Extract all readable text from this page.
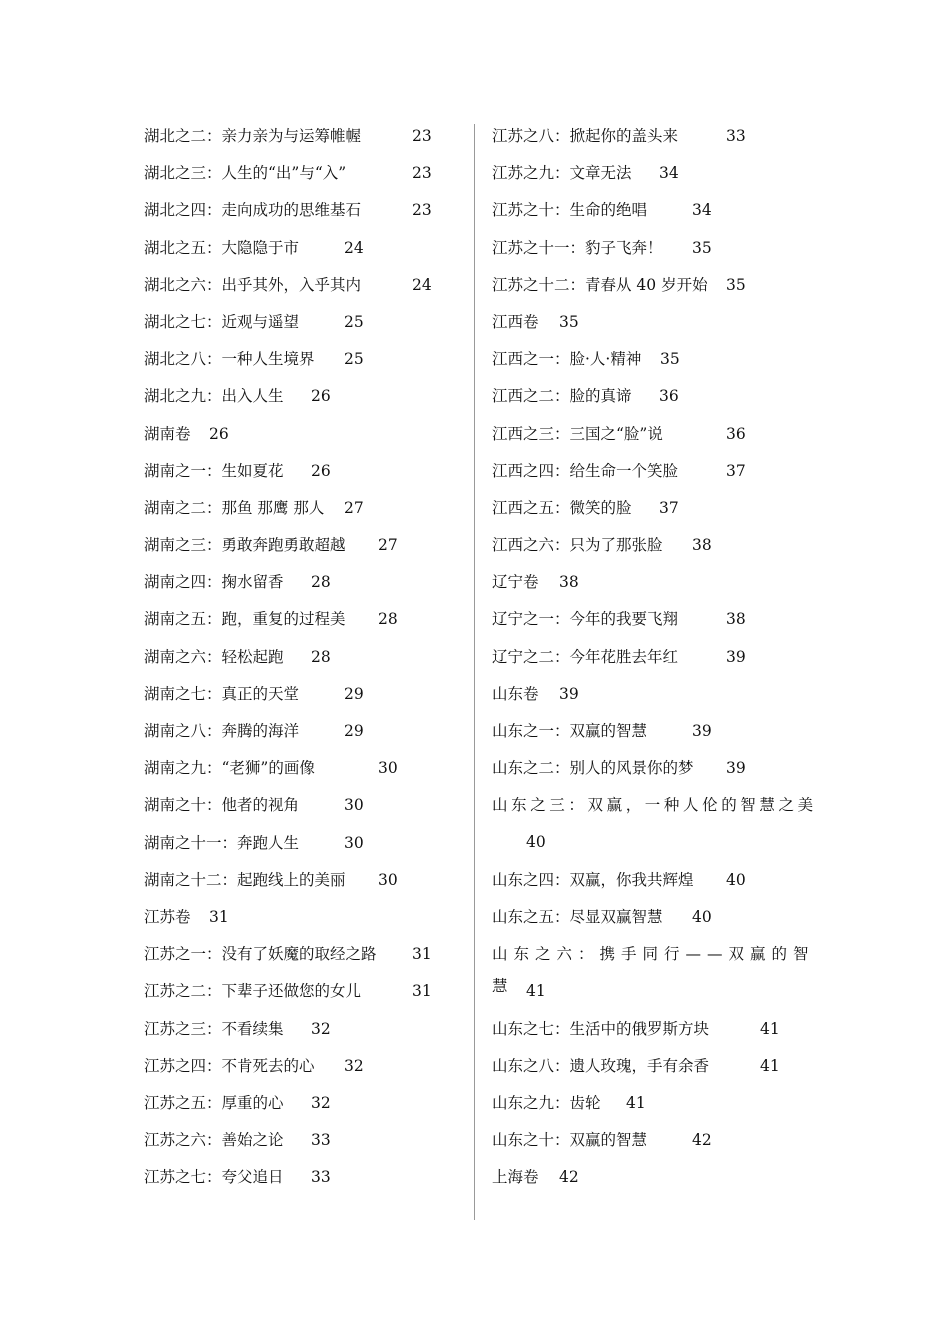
湖北之二：亲力亲为与运筹帷幄	23
湖北之三：人生的“出”与“入”	23
湖北之四：走向成功的思维基石	23
湖北之五：大隐隐于市	24
湖北之六：出乎其外，入乎其内	24
湖北之七：近观与遥望	25
湖北之八：一种人生境界 25
湖北之九：出入人生 26
湖南卷 26
湖南之一：生如夏花 26
湖南之二：那鱼 那鹰 那人 27
湖南之三：勇敢奔跑勇敢超越 27
湖南之四：掬水留香 28
湖南之五：跑，重复的过程美 28
湖南之六：轻松起跑 28
湖南之七：真正的天堂	29
湖南之八：奔腾的海洋	29
湖南之九：“老狮”的画像	30
湖南之十：他者的视角	30
湖南之十一：奔跑人生	30
湖南之十二：起跑线上的美丽 30
江苏卷 31
江苏之一：没有了妖魔的取经之路 31
江苏之二：下辈子还做您的女儿	31
江苏之三：不看续集 32
江苏之四：不肯死去的心 32
江苏之五：厚重的心 32
江苏之六：善始之论 33
江苏之七：夸父追日 33
江苏之八：掀起你的盖头来	33
江苏之九：文章无法 34
江苏之十：生命的绝唱	34
江苏之十一：豹子飞奔！ 35
江苏之十二：青春从 40 岁开始 35
江西卷 35
江西之一：脸·人·精神 35
江西之二：脸的真谛 36
江西之三：三国之“脸”说	36
江西之四：给生命一个笑脸	37
江西之五：微笑的脸 37
江西之六：只为了那张脸 38
辽宁卷 38
辽宁之一：今年的我要飞翔	38
辽宁之二：今年花胜去年红	39
山东卷 39
山东之一：双赢的智慧	39
山东之二：别人的风景你的梦 39
山东之三：双赢，一种人伦的智慧之美
40
山东之四：双赢，你我共辉煌 40
山东之五：尽显双赢智慧 40
山东之六：携手同行——双赢的智慧 41
山东之七：生活中的俄罗斯方块	41
山东之八：遗人玫瑰，手有余香	41
山东之九：齿轮 41
山东之十：双赢的智慧	42
上海卷 42
